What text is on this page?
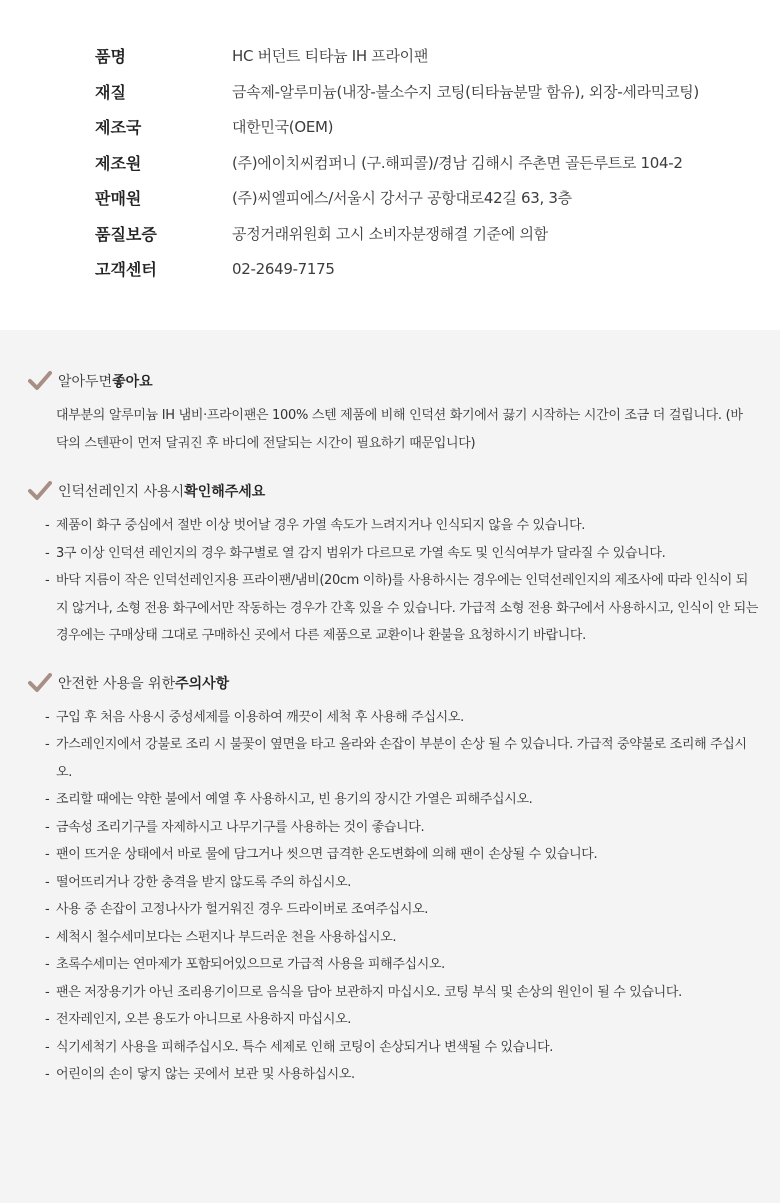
품명	HC 버던트 티타늄 IH 프라이팬
재질	금속제-알루미늄(내장-불소수지 코팅(티타늄분말 함유), 외장-세라믹코팅)
제조국	대한민국(OEM)
제조원	(주)에이치씨컴퍼니 (구.해피콜)/경남 김해시 주촌면 골든루트로 104-2
판매원	(주)씨엘피에스/서울시 강서구 공항대로42길 63, 3층
품질보증	공정거래위원회 고시 소비자분쟁해결 기준에 의함
고객센터	02-2649-7175
알아두면 좋아요
대부분의 알루미늄 IH 냄비·프라이팬은 100% 스텐 제품에 비해 인덕션 화기에서 끓기 시작하는 시간이 조금 더 걸립니다. (바닥의 스텐판이 먼저 달궈진 후 바디에 전달되는 시간이 필요하기 때문입니다)
인덕선레인지 사용시 확인해주세요
- 제품이 화구 중심에서 절반 이상 벗어날 경우 가열 속도가 느려지거나 인식되지 않을 수 있습니다.
- 3구 이상 인덕션 레인지의 경우 화구별로 열 감지 범위가 다르므로 가열 속도 및 인식여부가 달라질 수 있습니다.
- 바닥 지름이 작은 인덕선레인지용 프라이팬/냄비(20cm 이하)를 사용하시는 경우에는 인덕선레인지의 제조사에 따라 인식이 되지 않거나, 소형 전용 화구에서만 작동하는 경우가 간혹 있을 수 있습니다. 가급적 소형 전용 화구에서 사용하시고, 인식이 안 되는 경우에는 구매상태 그대로 구매하신 곳에서 다른 제품으로 교환이나 환불을 요청하시기 바랍니다.
안전한 사용을 위한 주의사항
- 구입 후 처음 사용시 중성세제를 이용하여 깨끗이 세척 후 사용해 주십시오.
- 가스레인지에서 강불로 조리 시 불꽃이 옆면을 타고 올라와 손잡이 부분이 손상 될 수 있습니다. 가급적 중약불로 조리해 주십시오.
- 조리할 때에는 약한 불에서 예열 후 사용하시고, 빈 용기의 장시간 가열은 피해주십시오.
- 금속성 조리기구를 자제하시고 나무기구를 사용하는 것이 좋습니다.
- 팬이 뜨거운 상태에서 바로 물에 담그거나 씻으면 급격한 온도변화에 의해 팬이 손상될 수 있습니다.
- 떨어뜨리거나 강한 충격을 받지 않도록 주의 하십시오.
- 사용 중 손잡이 고정나사가 헐거워진 경우 드라이버로 조여주십시오.
- 세척시 철수세미보다는 스펀지나 부드러운 천을 사용하십시오.
- 초록수세미는 연마제가 포함되어있으므로 가급적 사용을 피해주십시오.
- 팬은 저장용기가 아닌 조리용기이므로 음식을 담아 보관하지 마십시오. 코팅 부식 및 손상의 원인이 될 수 있습니다.
- 전자레인지, 오븐 용도가 아니므로 사용하지 마십시오.
- 식기세척기 사용을 피해주십시오. 특수 세제로 인해 코팅이 손상되거나 변색될 수 있습니다.
- 어린이의 손이 닿지 않는 곳에서 보관 및 사용하십시오.
